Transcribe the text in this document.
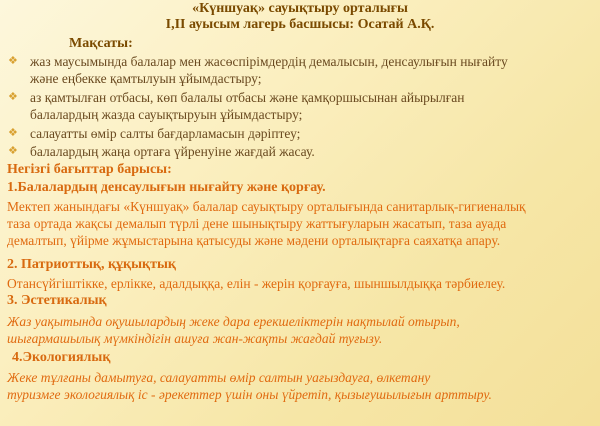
«Күншуақ» сауықтыру орталығы
І,ІІ ауысым лагерь басшысы: Осатай А.Қ.
Мақсаты:
❖ жаз маусымында балалар мен жасөспірімдердің демалысын, денсаулығын нығайту
және еңбекке қамтылуын ұйымдастыру;
❖ аз қамтылған отбасы, көп балалы отбасы және қамқоршысынан айырылған
балалардың жазда сауықтыруын ұйымдастыру;
❖ салауатты өмір салты бағдарламасын дәріптеу;
❖ балалардың жаңа ортаға үйренуіне жағдай жасау.
Негізгі бағыттар барысы:
1.Балалардың денсаулығын нығайту және қорғау.
Мектеп жанындағы «Күншуақ» балалар сауықтыру орталығында санитарлық-гигиеналық
таза ортада жақсы демалып түрлі дене шынықтыру жаттығуларын жасатып, таза ауада
демалтып, үйірме жұмыстарына қатысуды және мәдени орталықтарға саяхатқа апару.
2. Патриоттық, құқықтық
Отансүйгіштікке, ерлікке, адалдыққа, елін - жерін қорғауға, шыншылдыққа тәрбиелеу.
3. Эстетикалық
Жаз уақытында оқушылардың жеке дара ерекшеліктерін нақтылай отырып,
шығармашылық мүмкіндігін ашуға жан-жақты жағдай туғызу.
4.Экологиялық
Жеке тұлғаны дамытуға, салауатты өмір салтын уағыздауға, өлкетану
туризмге экологиялық іс - әрекеттер үшін оны үйретіп, қызығушылығын арттыру.
